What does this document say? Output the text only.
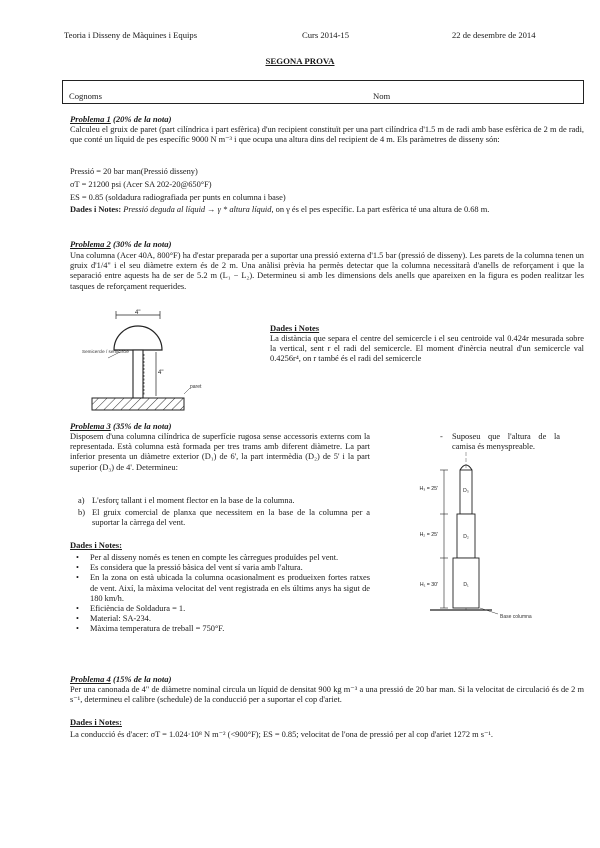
Teoria i Disseny de Màquines i Equips	Curs 2014-15	22 de desembre de 2014
SEGONA PROVA
Cognoms	Nom
Problema 1 (20% de la nota)
Calculeu el gruix de paret (part cilíndrica i part esfèrica) d'un recipient constituït per una part cilíndrica d'1.5 m de radi amb base esfèrica de 2 m de radi, que conté un líquid de pes específic 9000 N m⁻³ i que ocupa una altura dins del recipient de 4 m. Els paràmetres de disseny són:
Pressió = 20 bar man(Pressió disseny)
σT = 21200 psi (Acer SA 202-20@650°F)
ES = 0.85 (soldadura radiografiada per punts en columna i base)
Dades i Notes: Pressió deguda al líquid → γ * altura líquid, on γ és el pes específic. La part esfèrica té una altura de 0.68 m.
Problema 2 (30% de la nota)
Una columna (Acer 40A, 800°F) ha d'estar preparada per a suportar una pressió externa d'1.5 bar (pressió de disseny). Les parets de la columna tenen un gruix d'1/4" i el seu diàmetre extern és de 2 m. Una anàlisi prèvia ha permès detectar que la columna necessitarà d'anells de reforçament i que la separació entre aquests ha de ser de 5.2 m (L₁ − L₂). Determineu si amb les dimensions dels anells que apareixen en la figura es poden realitzar les tasques de reforçament requerides.
4"
4"
Semicercle / semicircle
paret
Dades i Notes
La distància que separa el centre del semicercle i el seu centroide val 0.424r mesurada sobre la vertical, sent r el radi del semicercle. El moment d'inèrcia neutral d'un semicercle val 0.4256r⁴, on r també és el radi del semicercle
Problema 3 (35% de la nota)
Disposem d'una columna cilíndrica de superfície rugosa sense accessoris externs com la representada. Està columna està formada per tres trams amb diferent diàmetre. La part inferior presenta un diàmetre exterior (D₁) de 6', la part intermèdia (D₂) de 5' i la part superior (D₃) de 4'. Determineu:
a) L'esforç tallant i el moment flector en la base de la columna.
b) El gruix comercial de planxa que necessitem en la base de la columna per a suportar la càrrega del vent.
- Suposeu que l'altura de la camisa és menyspreable.
Dades i Notes:
• Per al disseny només es tenen en compte les càrregues produïdes pel vent.
• Es considera que la pressió bàsica del vent sí varia amb l'altura.
• En la zona on està ubicada la columna ocasionalment es produeixen fortes ratxes de vent. Així, la màxima velocitat del vent registrada en els últims anys ha sigut de 180 km/h.
• Eficiència de Soldadura = 1.
• Material: SA-234.
• Màxima temperatura de treball = 750°F.
D₃
D₂
D₁
H₃ = 25'
H₂ = 25'
H₁ = 30'
Base columna
Problema 4 (15% de la nota)
Per una canonada de 4" de diàmetre nominal circula un líquid de densitat 900 kg m⁻³ a una pressió de 20 bar man. Si la velocitat de circulació és de 2 m s⁻¹, determineu el calibre (schedule) de la conducció per a suportar el cop d'ariet.
Dades i Notes:
La conducció és d'acer: σT = 1.024·10⁸ N m⁻² (<900°F); ES = 0.85; velocitat de l'ona de pressió per al cop d'ariet 1272 m s⁻¹.
